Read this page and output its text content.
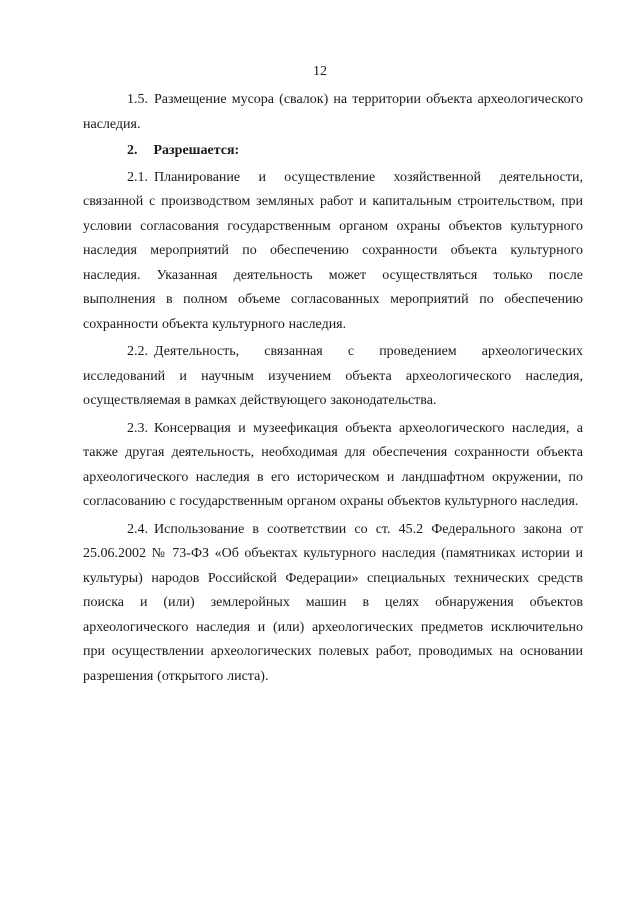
12

1.5. Размещение мусора (свалок) на территории объекта археологического наследия.

2. Разрешается:

2.1. Планирование и осуществление хозяйственной деятельности, связанной с производством земляных работ и капитальным строительством, при условии согласования государственным органом охраны объектов культурного наследия мероприятий по обеспечению сохранности объекта культурного наследия. Указанная деятельность может осуществляться только после выполнения в полном объеме согласованных мероприятий по обеспечению сохранности объекта культурного наследия.

2.2. Деятельность, связанная с проведением археологических исследований и научным изучением объекта археологического наследия, осуществляемая в рамках действующего законодательства.

2.3. Консервация и музеефикация объекта археологического наследия, а также другая деятельность, необходимая для обеспечения сохранности объекта археологического наследия в его историческом и ландшафтном окружении, по согласованию с государственным органом охраны объектов культурного наследия.

2.4. Использование в соответствии со ст. 45.2 Федерального закона от 25.06.2002 № 73-ФЗ «Об объектах культурного наследия (памятниках истории и культуры) народов Российской Федерации» специальных технических средств поиска и (или) землеройных машин в целях обнаружения объектов археологического наследия и (или) археологических предметов исключительно при осуществлении археологических полевых работ, проводимых на основании разрешения (открытого листа).
